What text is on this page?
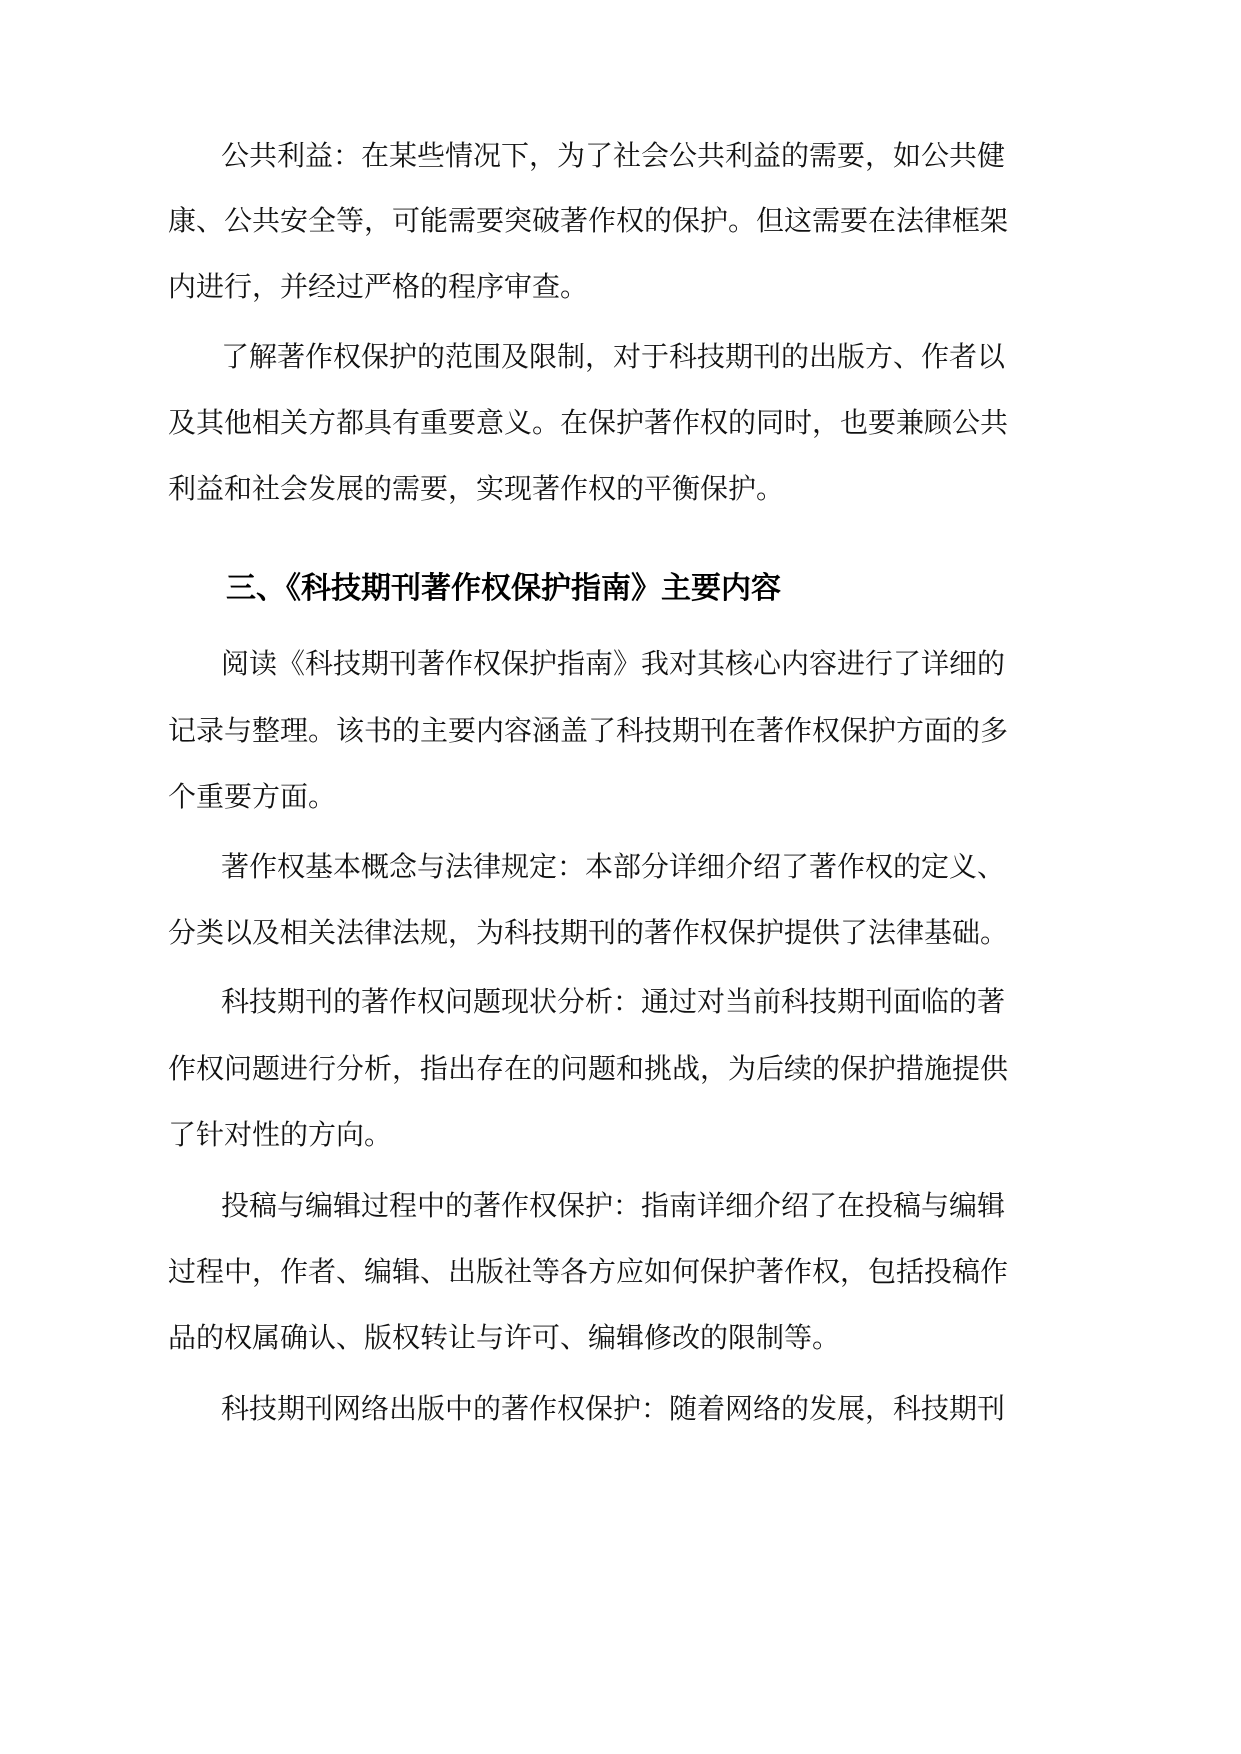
公共利益：在某些情况下，为了社会公共利益的需要，如公共健
康、公共安全等，可能需要突破著作权的保护。但这需要在法律框架
内进行，并经过严格的程序审查。
了解著作权保护的范围及限制，对于科技期刊的出版方、作者以
及其他相关方都具有重要意义。在保护著作权的同时，也要兼顾公共
利益和社会发展的需要，实现著作权的平衡保护。
三、《科技期刊著作权保护指南》主要内容
阅读《科技期刊著作权保护指南》我对其核心内容进行了详细的
记录与整理。该书的主要内容涵盖了科技期刊在著作权保护方面的多
个重要方面。
著作权基本概念与法律规定：本部分详细介绍了著作权的定义、
分类以及相关法律法规，为科技期刊的著作权保护提供了法律基础。
科技期刊的著作权问题现状分析：通过对当前科技期刊面临的著
作权问题进行分析，指出存在的问题和挑战，为后续的保护措施提供
了针对性的方向。
投稿与编辑过程中的著作权保护：指南详细介绍了在投稿与编辑
过程中，作者、编辑、出版社等各方应如何保护著作权，包括投稿作
品的权属确认、版权转让与许可、编辑修改的限制等。
科技期刊网络出版中的著作权保护：随着网络的发展，科技期刊
